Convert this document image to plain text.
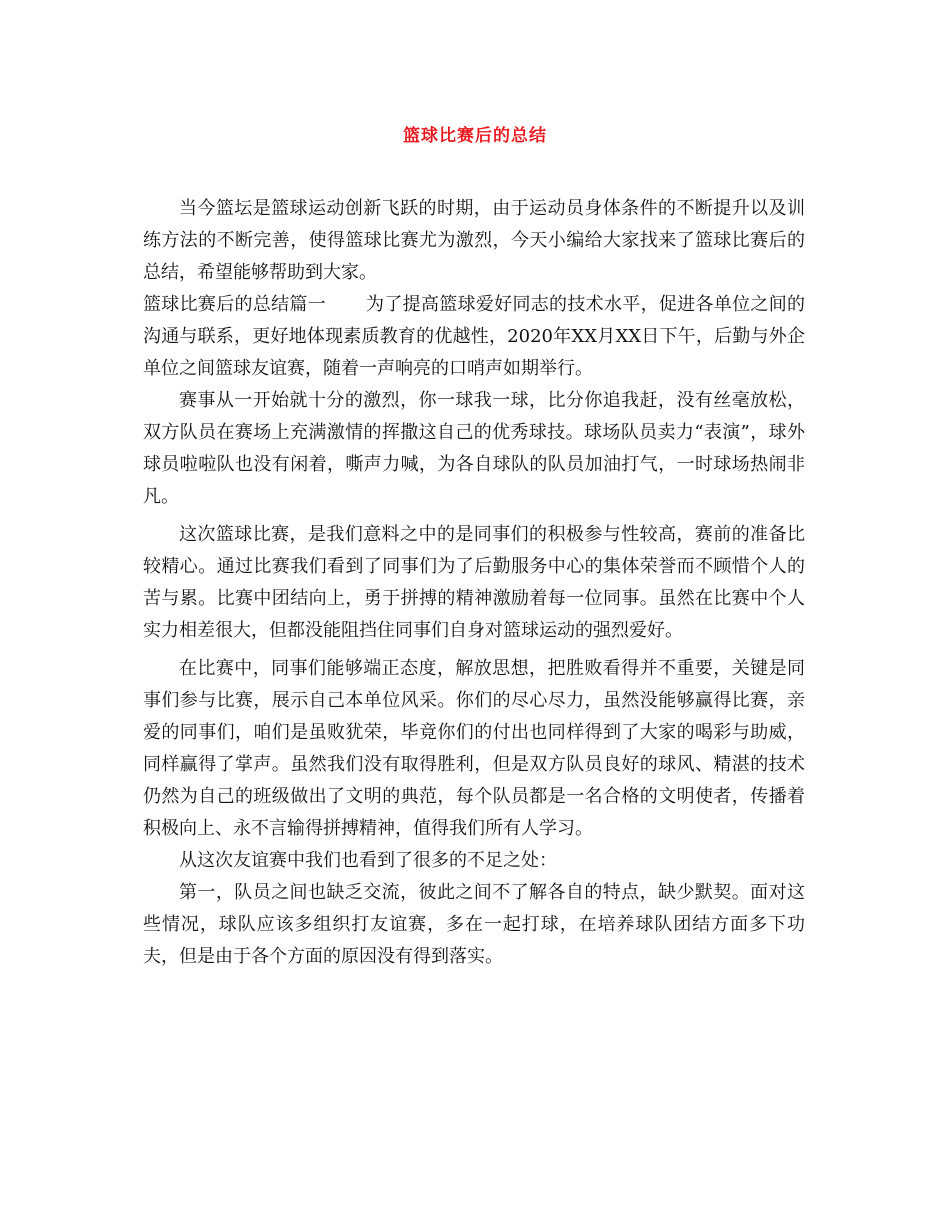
篮球比赛后的总结

当今篮坛是篮球运动创新飞跃的时期，由于运动员身体条件的不断提升以及训练方法的不断完善，使得篮球比赛尤为激烈，今天小编给大家找来了篮球比赛后的总结，希望能够帮助到大家。

篮球比赛后的总结篇一 为了提高篮球爱好同志的技术水平，促进各单位之间的沟通与联系，更好地体现素质教育的优越性，2020年XX月XX日下午，后勤与外企单位之间篮球友谊赛，随着一声响亮的口哨声如期举行。

赛事从一开始就十分的激烈，你一球我一球，比分你追我赶，没有丝毫放松，双方队员在赛场上充满激情的挥撒这自己的优秀球技。球场队员卖力“表演”，球外球员啦啦队也没有闲着，嘶声力喊，为各自球队的队员加油打气，一时球场热闹非凡。

这次篮球比赛，是我们意料之中的是同事们的积极参与性较高，赛前的准备比较精心。通过比赛我们看到了同事们为了后勤服务中心的集体荣誉而不顾惜个人的苦与累。比赛中团结向上，勇于拼搏的精神激励着每一位同事。虽然在比赛中个人实力相差很大，但都没能阻挡住同事们自身对篮球运动的强烈爱好。

在比赛中，同事们能够端正态度，解放思想，把胜败看得并不重要，关键是同事们参与比赛，展示自己本单位风采。你们的尽心尽力，虽然没能够赢得比赛，亲爱的同事们，咱们是虽败犹荣，毕竟你们的付出也同样得到了大家的喝彩与助威，同样赢得了掌声。虽然我们没有取得胜利，但是双方队员良好的球风、精湛的技术仍然为自己的班级做出了文明的典范，每个队员都是一名合格的文明使者，传播着积极向上、永不言输得拼搏精神，值得我们所有人学习。

从这次友谊赛中我们也看到了很多的不足之处：

第一，队员之间也缺乏交流，彼此之间不了解各自的特点，缺少默契。面对这些情况，球队应该多组织打友谊赛，多在一起打球，在培养球队团结方面多下功夫，但是由于各个方面的原因没有得到落实。
